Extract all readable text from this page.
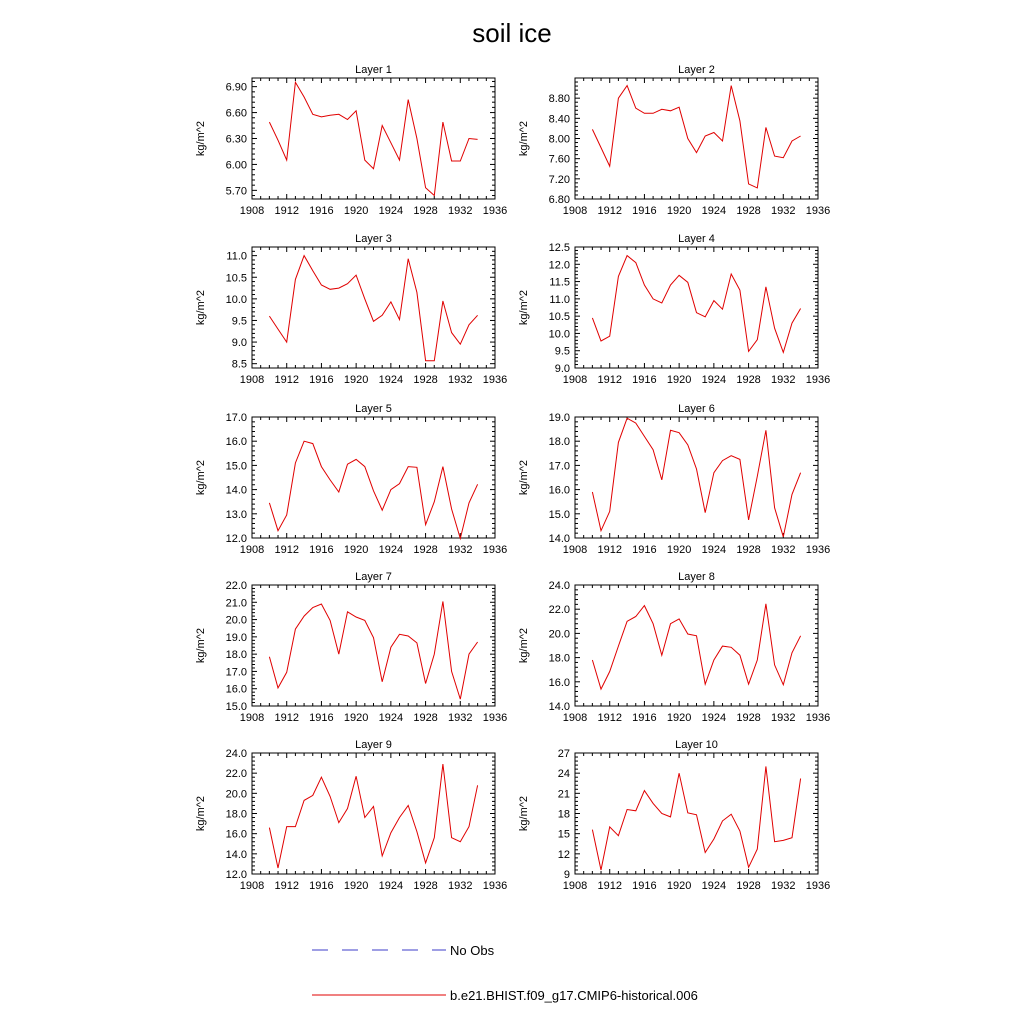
soil ice
Layer 1
kg/m^2
1908 1912 1916 1920 1924 1928 1932 1936
5.70
6.00
6.30
6.60
6.90
Layer 2
kg/m^2
1908 1912 1916 1920 1924 1928 1932 1936
6.80
7.20
7.60
8.00
8.40
8.80
Layer 3
kg/m^2
1908 1912 1916 1920 1924 1928 1932 1936
8.5
9.0
9.5
10.0
10.5
11.0
Layer 4
kg/m^2
1908 1912 1916 1920 1924 1928 1932 1936
9.0
9.5
10.0
10.5
11.0
11.5
12.0
12.5
Layer 5
kg/m^2
1908 1912 1916 1920 1924 1928 1932 1936
12.0
13.0
14.0
15.0
16.0
17.0
Layer 6
kg/m^2
1908 1912 1916 1920 1924 1928 1932 1936
14.0
15.0
16.0
17.0
18.0
19.0
Layer 7
kg/m^2
1908 1912 1916 1920 1924 1928 1932 1936
15.0
16.0
17.0
18.0
19.0
20.0
21.0
22.0
Layer 8
kg/m^2
1908 1912 1916 1920 1924 1928 1932 1936
14.0
16.0
18.0
20.0
22.0
24.0
Layer 9
kg/m^2
1908 1912 1916 1920 1924 1928 1932 1936
12.0
14.0
16.0
18.0
20.0
22.0
24.0
Layer 10
kg/m^2
1908 1912 1916 1920 1924 1928 1932 1936
9
12
15
18
21
24
27
No Obs
b.e21.BHIST.f09_g17.CMIP6-historical.006
